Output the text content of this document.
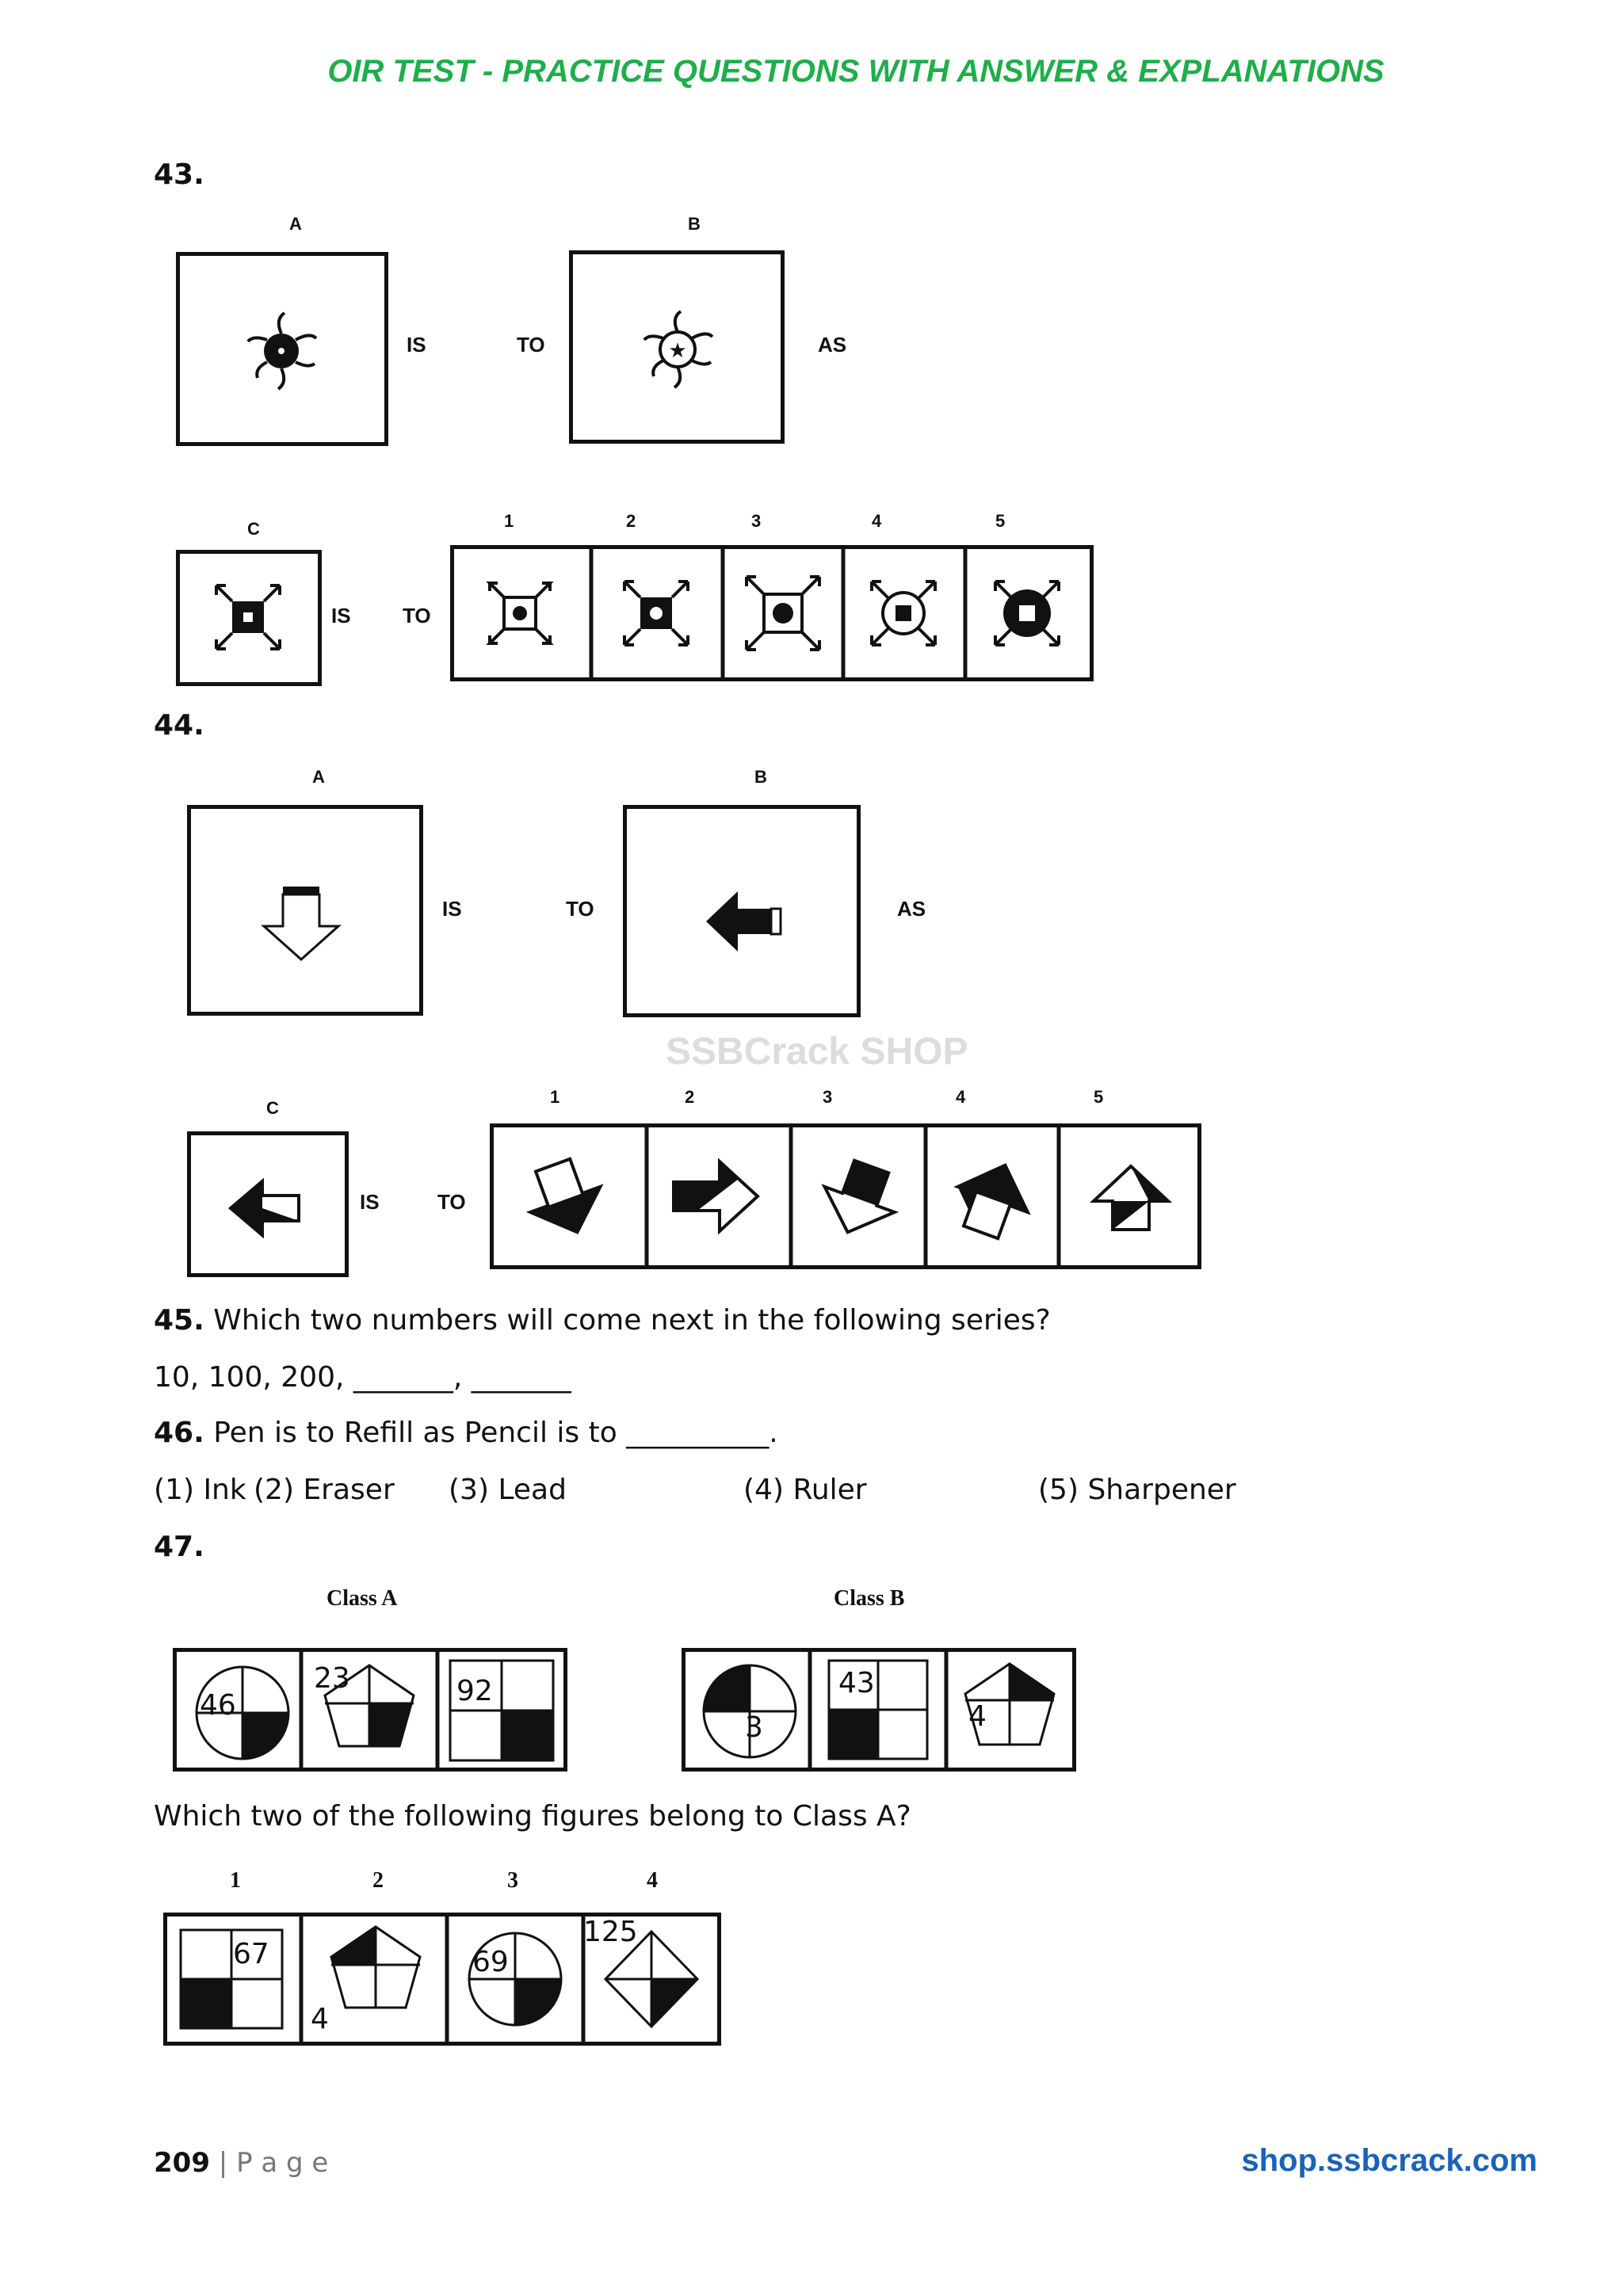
OIR TEST - PRACTICE QUESTIONS WITH ANSWER & EXPLANATIONS
SSBCrack SHOP
43.
A	B
IS	TO	★	AS
C
IS	TO
1	2	3	4	5
44.
A	B
IS	TO	AS
C
IS	TO
1	2	3	4	5
45. Which two numbers will come next in the following series?
10, 100, 200, _______, _______
46. Pen is to Refill as Pencil is to __________.
(1) Ink (2) Eraser (3) Lead	(4) Ruler	(5) Sharpener
47.
Class A	Class B
46
23	92
3
43
4
Which two of the following figures belong to Class A?
1	2	3	4
67
4
69
125
209 | P a g e	shop.ssbcrack.com
